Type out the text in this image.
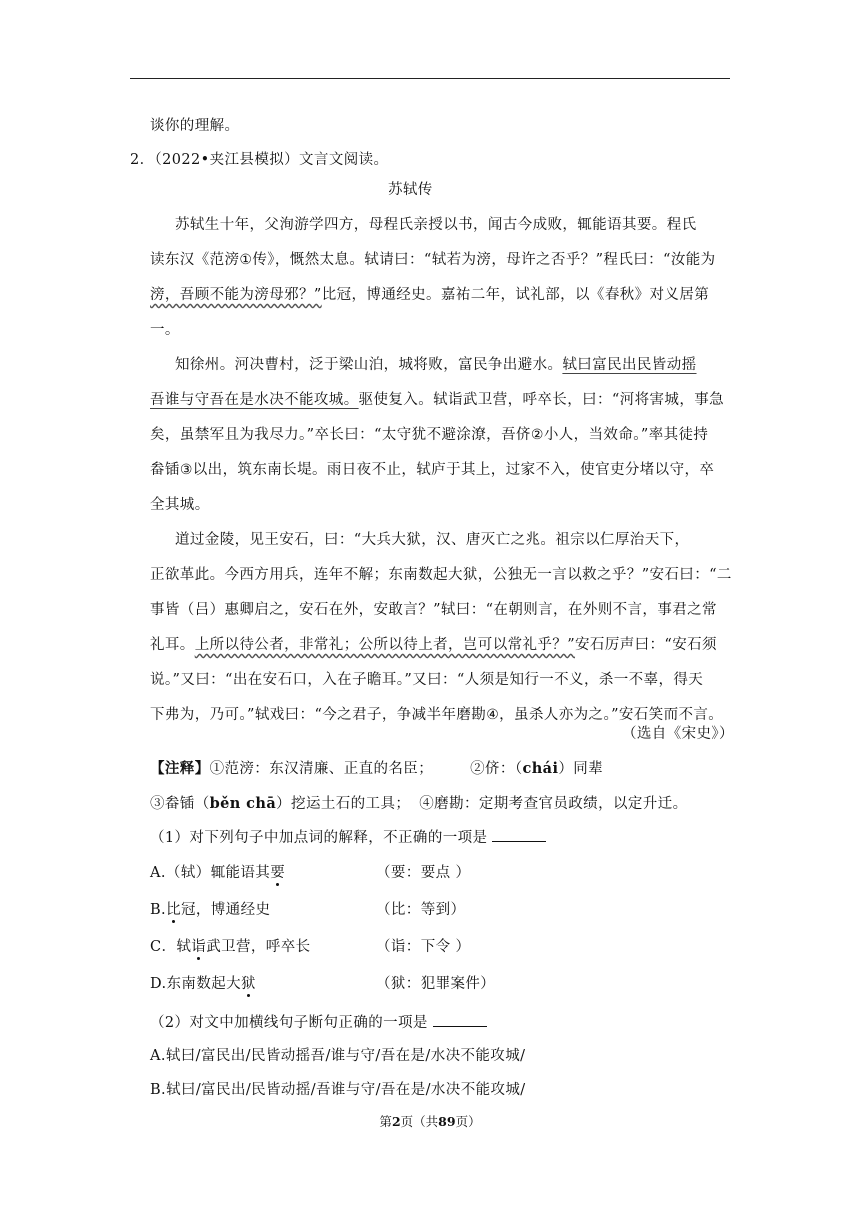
谈你的理解。
2．（2022•夹江县模拟）文言文阅读。
苏轼传
苏轼生十年，父洵游学四方，母程氏亲授以书，闻古今成败，辄能语其要。程氏
读东汉《范滂①传》，慨然太息。轼请曰：“轼若为滂，母许之否乎？”程氏曰：“汝能为
滂，吾顾不能为滂母邪？”比冠，博通经史。嘉祐二年，试礼部，以《春秋》对义居第
一。
知徐州。河决曹村，泛于梁山泊，城将败，富民争出避水。轼曰富民出民皆动摇
吾谁与守吾在是水决不能攻城。驱使复入。轼诣武卫营，呼卒长，曰：“河将害城，事急
矣，虽禁军且为我尽力。”卒长曰：“太守犹不避涂潦，吾侪②小人，当效命。”率其徒持
畚锸③以出，筑东南长堤。雨日夜不止，轼庐于其上，过家不入，使官吏分堵以守，卒
全其城。
道过金陵，见王安石，曰：“大兵大狱，汉、唐灭亡之兆。祖宗以仁厚治天下，
正欲革此。今西方用兵，连年不解；东南数起大狱，公独无一言以救之乎？”安石曰：“二
事皆（吕）惠卿启之，安石在外，安敢言？”轼曰：“在朝则言，在外则不言，事君之常
礼耳。上所以待公者，非常礼；公所以待上者，岂可以常礼乎？”安石厉声曰：“安石须
说。”又曰：“出在安石口，入在子瞻耳。”又曰：“人须是知行一不义，杀一不辜，得天
下弗为，乃可。”轼戏曰：“今之君子，争减半年磨勘④，虽杀人亦为之。”安石笑而不言。
（选自《宋史》）
【注释】①范滂：东汉清廉、正直的名臣；	②侪：（chái）同辈
③畚锸（běn chā）挖运土石的工具； ④磨勘：定期考查官员政绩，以定升迁。
（1）对下列句子中加点词的解释，不正确的一项是
A.（轼）辄能语其要	（要：要点 ）
B.比冠，博通经史	（比：等到）
C．轼诣武卫营，呼卒长	（诣：下令 ）
D.东南数起大狱	（狱：犯罪案件）
（2）对文中加横线句子断句正确的一项是
A.轼曰/富民出/民皆动摇吾/谁与守/吾在是/水决不能攻城/
B.轼曰/富民出/民皆动摇/吾谁与守/吾在是/水决不能攻城/
第2页（共89页）
